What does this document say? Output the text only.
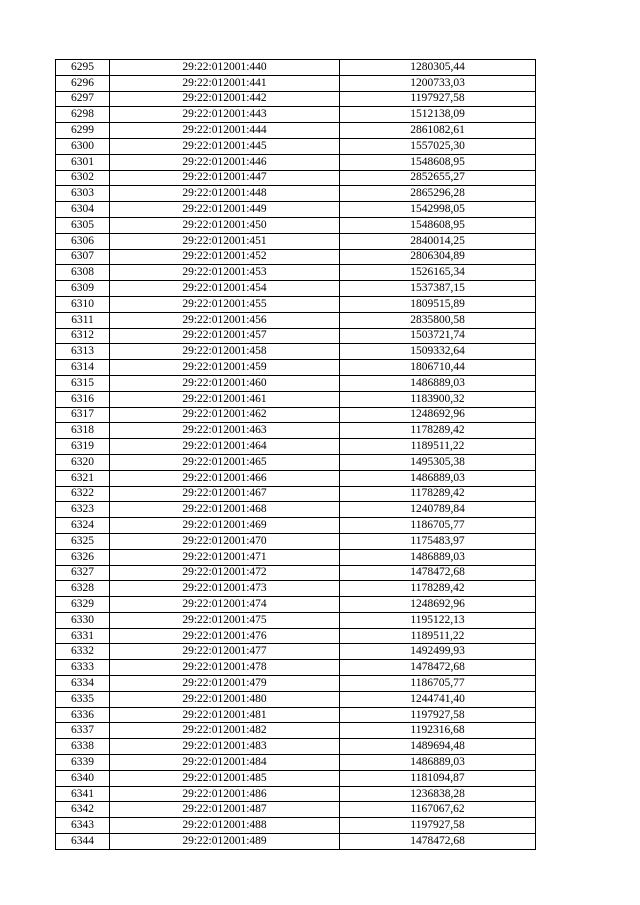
6295	29:22:012001:440	1280305,44
6296	29:22:012001:441	1200733,03
6297	29:22:012001:442	1197927,58
6298	29:22:012001:443	1512138,09
6299	29:22:012001:444	2861082,61
6300	29:22:012001:445	1557025,30
6301	29:22:012001:446	1548608,95
6302	29:22:012001:447	2852655,27
6303	29:22:012001:448	2865296,28
6304	29:22:012001:449	1542998,05
6305	29:22:012001:450	1548608,95
6306	29:22:012001:451	2840014,25
6307	29:22:012001:452	2806304,89
6308	29:22:012001:453	1526165,34
6309	29:22:012001:454	1537387,15
6310	29:22:012001:455	1809515,89
6311	29:22:012001:456	2835800,58
6312	29:22:012001:457	1503721,74
6313	29:22:012001:458	1509332,64
6314	29:22:012001:459	1806710,44
6315	29:22:012001:460	1486889,03
6316	29:22:012001:461	1183900,32
6317	29:22:012001:462	1248692,96
6318	29:22:012001:463	1178289,42
6319	29:22:012001:464	1189511,22
6320	29:22:012001:465	1495305,38
6321	29:22:012001:466	1486889,03
6322	29:22:012001:467	1178289,42
6323	29:22:012001:468	1240789,84
6324	29:22:012001:469	1186705,77
6325	29:22:012001:470	1175483,97
6326	29:22:012001:471	1486889,03
6327	29:22:012001:472	1478472,68
6328	29:22:012001:473	1178289,42
6329	29:22:012001:474	1248692,96
6330	29:22:012001:475	1195122,13
6331	29:22:012001:476	1189511,22
6332	29:22:012001:477	1492499,93
6333	29:22:012001:478	1478472,68
6334	29:22:012001:479	1186705,77
6335	29:22:012001:480	1244741,40
6336	29:22:012001:481	1197927,58
6337	29:22:012001:482	1192316,68
6338	29:22:012001:483	1489694,48
6339	29:22:012001:484	1486889,03
6340	29:22:012001:485	1181094,87
6341	29:22:012001:486	1236838,28
6342	29:22:012001:487	1167067,62
6343	29:22:012001:488	1197927,58
6344	29:22:012001:489	1478472,68
